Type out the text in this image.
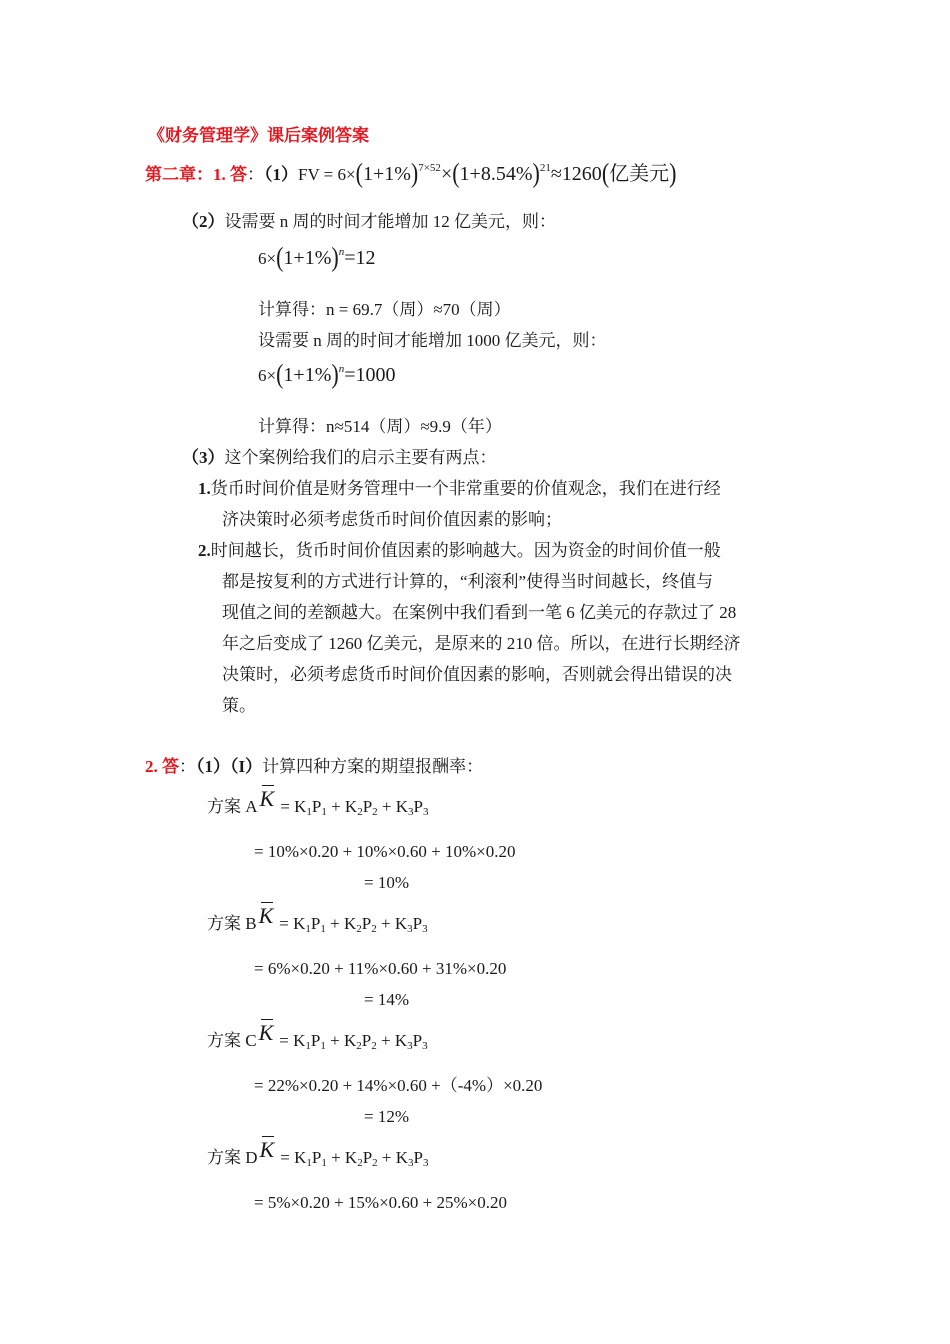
《财务管理学》课后案例答案
第二章：1. 答：$(1)FV = 6\times(1+1\%)^{7\times 52}\times(1+8.54\%)^{21}\approx 1260$(亿美元)
（2）设需要 n 周的时间才能增加 12 亿美元，则：
$6\times(1+1\%)^n=12$
计算得：n = 69.7（周）≈70（周）
设需要 n 周的时间才能增加 1000 亿美元，则：
$6\times(1+1\%)^n=1000$
计算得：n≈514（周）≈9.9（年）
（3）这个案例给我们的启示主要有两点：
1.货币时间价值是财务管理中一个非常重要的价值观念，我们在进行经
济决策时必须考虑货币时间价值因素的影响；
2.时间越长，货币时间价值因素的影响越大。因为资金的时间价值一般
都是按复利的方式进行计算的，“利滚利”使得当时间越长，终值与
现值之间的差额越大。在案例中我们看到一笔 6 亿美元的存款过了 28
年之后变成了 1260 亿美元，是原来的 210 倍。所以，在进行长期经济
决策时，必须考虑货币时间价值因素的影响，否则就会得出错误的决
策。
2. 答：（1）（I）计算四种方案的期望报酬率：
方案 AK = $K_1P_1 + K_2P_2 + K_3P_3$
= 10%×0.20 + 10%×0.60 + 10%×0.20
= 10%
方案 BK = $K_1P_1 + K_2P_2 + K_3P_3$
= 6%×0.20 + 11%×0.60 + 31%×0.20
= 14%
方案 CK = $K_1P_1 + K_2P_2 + K_3P_3$
= 22%×0.20 + 14%×0.60 +（-4%）×0.20
= 12%
方案 DK = $K_1P_1 + K_2P_2 + K_3P_3$
= 5%×0.20 + 15%×0.60 + 25%×0.20
